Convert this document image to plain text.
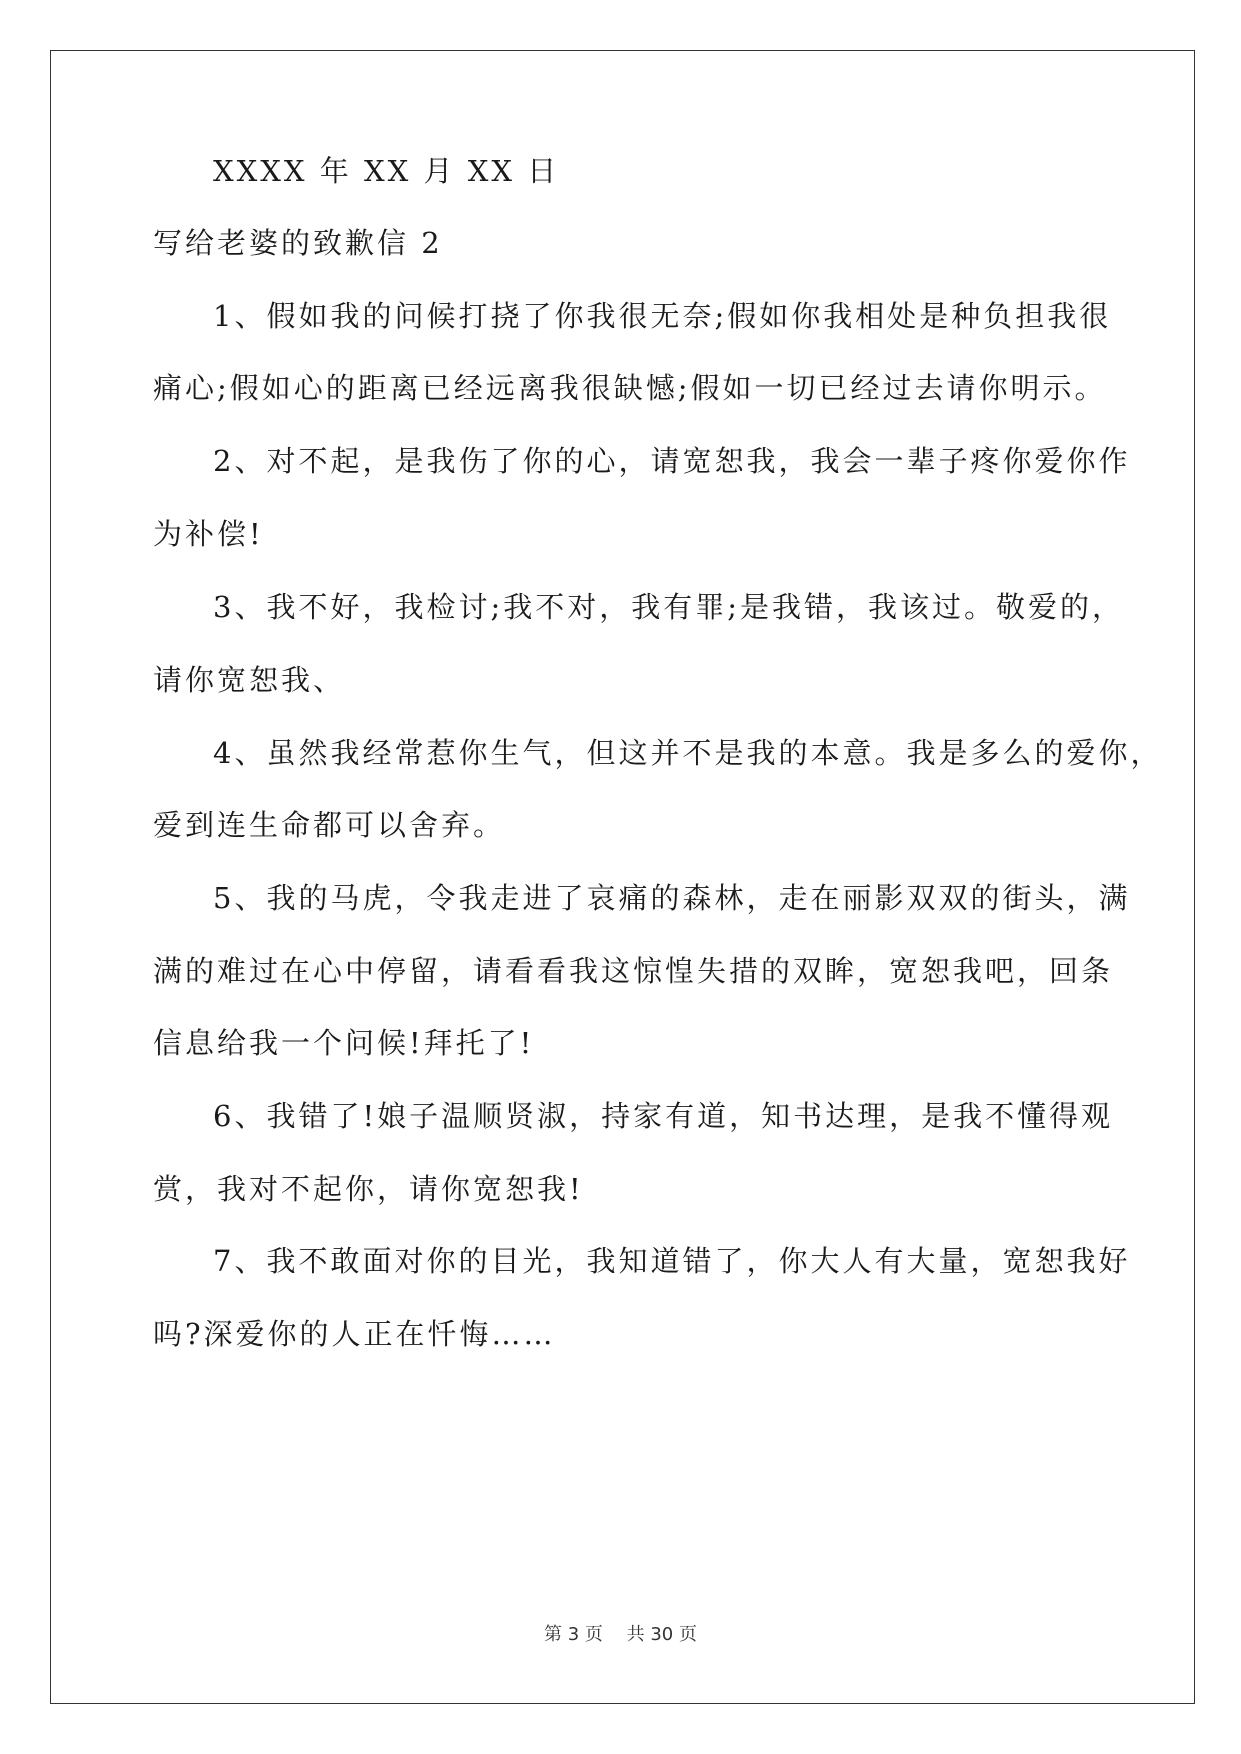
XXXX 年 XX 月 XX 日
写给老婆的致歉信 2
1、假如我的问候打挠了你我很无奈;假如你我相处是种负担我很
痛心;假如心的距离已经远离我很缺憾;假如一切已经过去请你明示。
2、对不起，是我伤了你的心，请宽恕我，我会一辈子疼你爱你作
为补偿!
3、我不好，我检讨;我不对，我有罪;是我错，我该过。敬爱的，
请你宽恕我、
4、虽然我经常惹你生气，但这并不是我的本意。我是多么的爱你，
爱到连生命都可以舍弃。
5、我的马虎，令我走进了哀痛的森林，走在丽影双双的街头，满
满的难过在心中停留，请看看我这惊惶失措的双眸，宽恕我吧，回条
信息给我一个问候!拜托了!
6、我错了!娘子温顺贤淑，持家有道，知书达理，是我不懂得观
赏，我对不起你，请你宽恕我!
7、我不敢面对你的目光，我知道错了，你大人有大量，宽恕我好
吗?深爱你的人正在忏悔……
第 3 页　 共 30 页
